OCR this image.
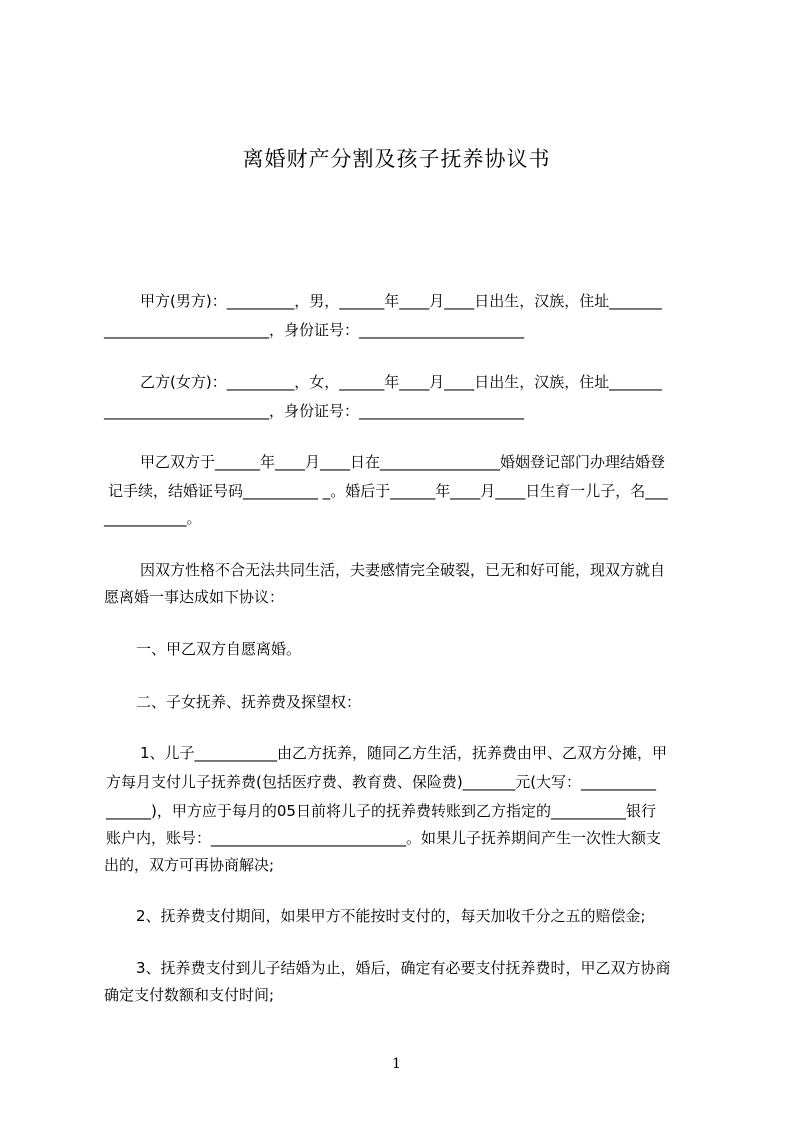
离婚财产分割及孩子抚养协议书
甲方(男方)：_________，男，______年____月____日出生，汉族，住址_______
______________________，身份证号：______________________
乙方(女方)：_________，女，______年____月____日出生，汉族，住址_______
______________________，身份证号：______________________
甲乙双方于______年____月____日在________________婚姻登记部门办理结婚登
记手续，结婚证号码__________ _。婚后于______年____月____日生育一儿子，名___
___________。
因双方性格不合无法共同生活，夫妻感情完全破裂，已无和好可能，现双方就自
愿离婚一事达成如下协议：
一、甲乙双方自愿离婚。
二、子女抚养、抚养费及探望权：
1、儿子___________由乙方抚养，随同乙方生活，抚养费由甲、乙双方分摊，甲
方每月支付儿子抚养费(包括医疗费、教育费、保险费)_______元(大写：__________
______)，甲方应于每月的05日前将儿子的抚养费转账到乙方指定的__________银行
账户内，账号：__________________________。如果儿子抚养期间产生一次性大额支
出的，双方可再协商解决;
2、抚养费支付期间，如果甲方不能按时支付的，每天加收千分之五的赔偿金;
3、抚养费支付到儿子结婚为止，婚后，确定有必要支付抚养费时，甲乙双方协商
确定支付数额和支付时间;
1
